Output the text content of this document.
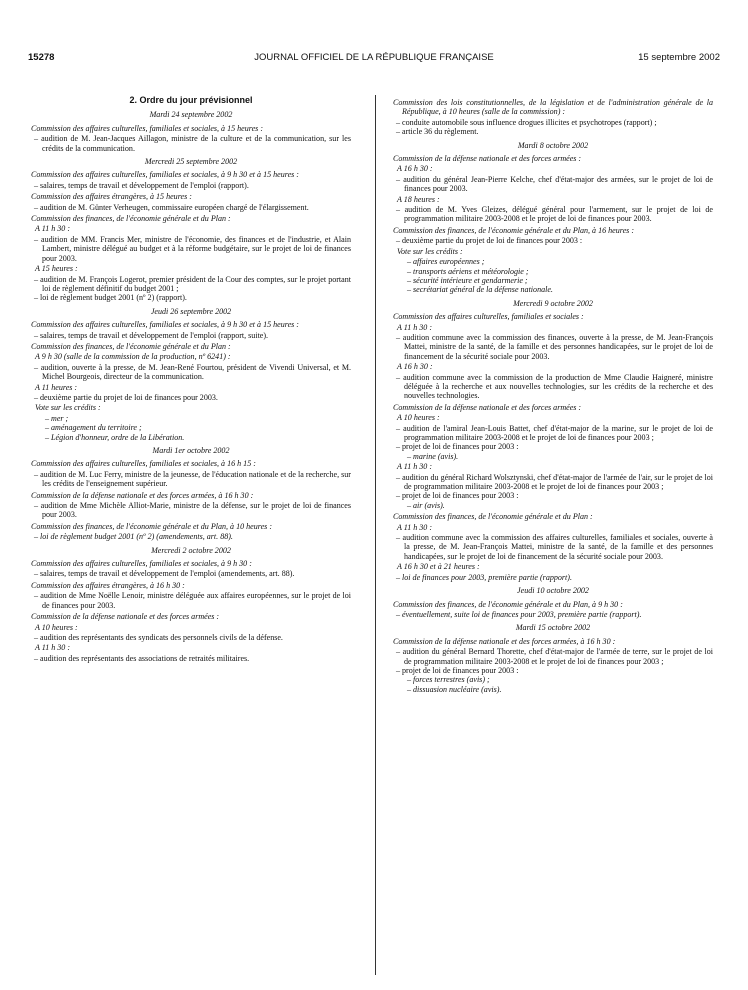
15278	JOURNAL OFFICIEL DE LA RÉPUBLIQUE FRANÇAISE	15 septembre 2002
2. Ordre du jour prévisionnel
Mardi 24 septembre 2002
Commission des affaires culturelles, familiales et sociales, à 15 heures :
– audition de M. Jean-Jacques Aillagon, ministre de la culture et de la communication, sur les crédits de la communication.
Mercredi 25 septembre 2002
Commission des affaires culturelles, familiales et sociales, à 9 h 30 et à 15 heures :
– salaires, temps de travail et développement de l'emploi (rapport).
Commission des affaires étrangères, à 15 heures :
– audition de M. Günter Verheugen, commissaire européen chargé de l'élargissement.
Commission des finances, de l'économie générale et du Plan :
A 11 h 30 :
– audition de MM. Francis Mer, ministre de l'économie, des finances et de l'industrie, et Alain Lambert, ministre délégué au budget et à la réforme budgétaire, sur le projet de loi de finances pour 2003.
A 15 heures :
– audition de M. François Logerot, premier président de la Cour des comptes, sur le projet portant loi de règlement définitif du budget 2001 ;
– loi de règlement budget 2001 (nº 2) (rapport).
Jeudi 26 septembre 2002
Commission des affaires culturelles, familiales et sociales, à 9 h 30 et à 15 heures :
– salaires, temps de travail et développement de l'emploi (rapport, suite).
Commission des finances, de l'économie générale et du Plan :
A 9 h 30 (salle de la commission de la production, nº 6241) :
– audition, ouverte à la presse, de M. Jean-René Fourtou, président de Vivendi Universal, et M. Michel Bourgeois, directeur de la communication.
A 11 heures :
– deuxième partie du projet de loi de finances pour 2003.
Vote sur les crédits :
– mer ;
– aménagement du territoire ;
– Légion d'honneur, ordre de la Libération.
Mardi 1er octobre 2002
Commission des affaires culturelles, familiales et sociales, à 16 h 15 :
– audition de M. Luc Ferry, ministre de la jeunesse, de l'éducation nationale et de la recherche, sur les crédits de l'enseignement supérieur.
Commission de la défense nationale et des forces armées, à 16 h 30 :
– audition de Mme Michèle Alliot-Marie, ministre de la défense, sur le projet de loi de finances pour 2003.
Commission des finances, de l'économie générale et du Plan, à 10 heures :
– loi de règlement budget 2001 (nº 2) (amendements, art. 88).
Mercredi 2 octobre 2002
Commission des affaires culturelles, familiales et sociales, à 9 h 30 :
– salaires, temps de travail et développement de l'emploi (amendements, art. 88).
Commission des affaires étrangères, à 16 h 30 :
– audition de Mme Noëlle Lenoir, ministre déléguée aux affaires européennes, sur le projet de loi de finances pour 2003.
Commission de la défense nationale et des forces armées :
A 10 heures :
– audition des représentants des syndicats des personnels civils de la défense.
A 11 h 30 :
– audition des représentants des associations de retraités militaires.
Commission des lois constitutionnelles, de la législation et de l'administration générale de la République, à 10 heures (salle de la commission) :
– conduite automobile sous influence drogues illicites et psychotropes (rapport) ;
– article 36 du règlement.
Mardi 8 octobre 2002
Commission de la défense nationale et des forces armées :
A 16 h 30 :
– audition du général Jean-Pierre Kelche, chef d'état-major des armées, sur le projet de loi de finances pour 2003.
A 18 heures :
– audition de M. Yves Gleizes, délégué général pour l'armement, sur le projet de loi de programmation militaire 2003-2008 et le projet de loi de finances pour 2003.
Commission des finances, de l'économie générale et du Plan, à 16 heures :
– deuxième partie du projet de loi de finances pour 2003 :
Vote sur les crédits :
– affaires européennes ;
– transports aériens et météorologie ;
– sécurité intérieure et gendarmerie ;
– secrétariat général de la défense nationale.
Mercredi 9 octobre 2002
Commission des affaires culturelles, familiales et sociales :
A 11 h 30 :
– audition commune avec la commission des finances, ouverte à la presse, de M. Jean-François Mattei, ministre de la santé, de la famille et des personnes handicapées, sur le projet de loi de financement de la sécurité sociale pour 2003.
A 16 h 30 :
– audition commune avec la commission de la production de Mme Claudie Haigneré, ministre déléguée à la recherche et aux nouvelles technologies, sur les crédits de la recherche et des nouvelles technologies.
Commission de la défense nationale et des forces armées :
A 10 heures :
– audition de l'amiral Jean-Louis Battet, chef d'état-major de la marine, sur le projet de loi de programmation militaire 2003-2008 et le projet de loi de finances pour 2003 ;
– projet de loi de finances pour 2003 :
– marine (avis).
A 11 h 30 :
– audition du général Richard Wolsztynski, chef d'état-major de l'armée de l'air, sur le projet de loi de programmation militaire 2003-2008 et le projet de loi de finances pour 2003 ;
– projet de loi de finances pour 2003 :
– air (avis).
Commission des finances, de l'économie générale et du Plan :
A 11 h 30 :
– audition commune avec la commission des affaires culturelles, familiales et sociales, ouverte à la presse, de M. Jean-François Mattei, ministre de la santé, de la famille et des personnes handicapées, sur le projet de loi de financement de la sécurité sociale pour 2003.
A 16 h 30 et à 21 heures :
– loi de finances pour 2003, première partie (rapport).
Jeudi 10 octobre 2002
Commission des finances, de l'économie générale et du Plan, à 9 h 30 :
– éventuellement, suite loi de finances pour 2003, première partie (rapport).
Mardi 15 octobre 2002
Commission de la défense nationale et des forces armées, à 16 h 30 :
– audition du général Bernard Thorette, chef d'état-major de l'armée de terre, sur le projet de loi de programmation militaire 2003-2008 et le projet de loi de finances pour 2003 ;
– projet de loi de finances pour 2003 :
– forces terrestres (avis) ;
– dissuasion nucléaire (avis).
